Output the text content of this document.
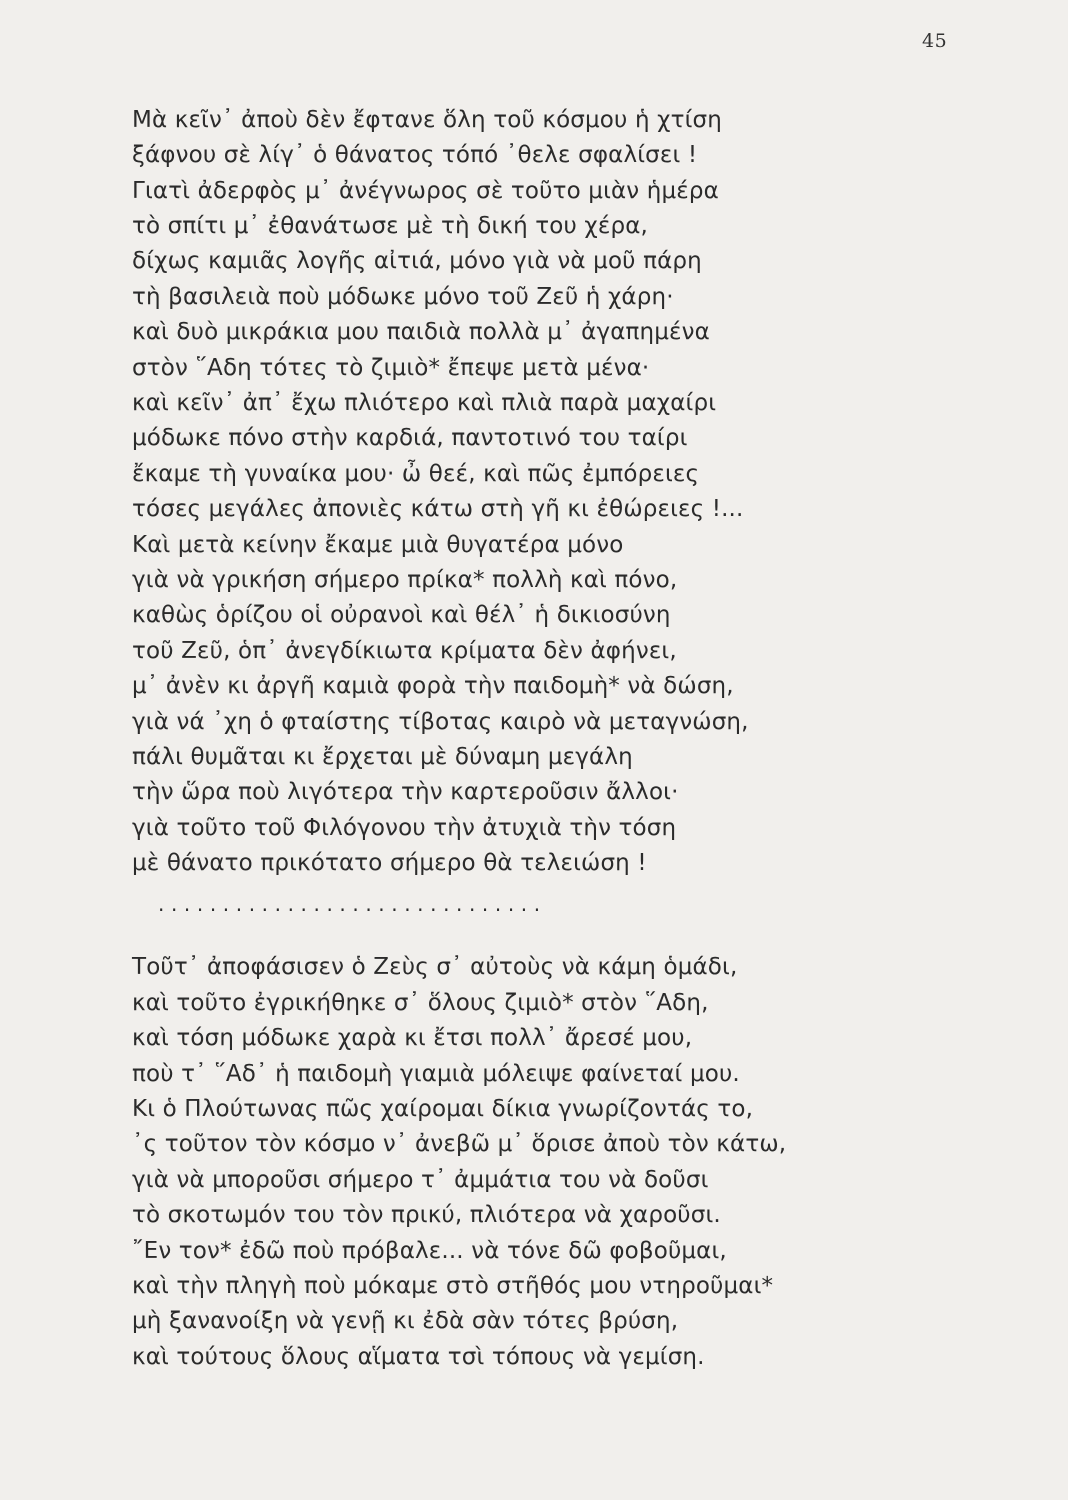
45
Μὰ κεῖν᾿ ἀποὺ δὲν ἔφτανε ὅλη τοῦ κόσμου ἡ χτίση
ξάφνου σὲ λίγ᾿ ὁ θάνατος τόπό ᾿θελε σφαλίσει !
Γιατὶ ἀδερφὸς μ᾿ ἀνέγνωρος σὲ τοῦτο μιὰν ἡμέρα
τὸ σπίτι μ᾿ ἐθανάτωσε μὲ τὴ δική του χέρα,
δίχως καμιᾶς λογῆς αἰτιά, μόνο γιὰ νὰ μοῦ πάρη
τὴ βασιλειὰ ποὺ μόδωκε μόνο τοῦ Ζεῦ ἡ χάρη·
καὶ δυὸ μικράκια μου παιδιὰ πολλὰ μ᾿ ἀγαπημένα
στὸν ῞Αδη τότες τὸ ζιμιὸ* ἔπεψε μετὰ μένα·
καὶ κεῖν᾿ ἀπ᾿ ἔχω πλιότερο καὶ πλιὰ παρὰ μαχαίρι
μόδωκε πόνο στὴν καρδιά, παντοτινό του ταίρι
ἔκαμε τὴ γυναίκα μου· ὦ θεέ, καὶ πῶς ἐμπόρειες
τόσες μεγάλες ἀπονιὲς κάτω στὴ γῆ κι ἐθώρειες !...
Καὶ μετὰ κείνην ἔκαμε μιὰ θυγατέρα μόνο
γιὰ νὰ γρικήση σήμερο πρίκα* πολλὴ καὶ πόνο,
καθὼς ὁρίζου οἱ οὐρανοὶ καὶ θέλ᾿ ἡ δικιοσύνη
τοῦ Ζεῦ, ὁπ᾿ ἀνεγδίκιωτα κρίματα δὲν ἀφήνει,
μ᾿ ἀνὲν κι ἀργῆ καμιὰ φορὰ τὴν παιδομὴ* νὰ δώση,
γιὰ νά ᾿χη ὁ φταίστης τίβοτας καιρὸ νὰ μεταγνώση,
πάλι θυμᾶται κι ἔρχεται μὲ δύναμη μεγάλη
τὴν ὥρα ποὺ λιγότερα τὴν καρτεροῦσιν ἄλλοι·
γιὰ τοῦτο τοῦ Φιλόγονου τὴν ἀτυχιὰ τὴν τόση
μὲ θάνατο πρικότατο σήμερο θὰ τελειώση !
Τοῦτ᾿ ἀποφάσισεν ὁ Ζεὺς σ᾿ αὐτοὺς νὰ κάμη ὁμάδι,
καὶ τοῦτο ἐγρικήθηκε σ᾿ ὅλους ζιμιὸ* στὸν ῞Αδη,
καὶ τόση μόδωκε χαρὰ κι ἔτσι πολλ᾿ ἄρεσέ μου,
ποὺ τ᾿ ῞Αδ᾿ ἡ παιδομὴ γιαμιὰ μόλειψε φαίνεταί μου.
Κι ὁ Πλούτωνας πῶς χαίρομαι δίκια γνωρίζοντάς το,
᾿ς τοῦτον τὸν κόσμο ν᾿ ἀνεβῶ μ᾿ ὅρισε ἀποὺ τὸν κάτω,
γιὰ νὰ μποροῦσι σήμερο τ᾿ ἀμμάτια του νὰ δοῦσι
τὸ σκοτωμόν του τὸν πρικύ, πλιότερα νὰ χαροῦσι.
῎Εν τον* ἐδῶ ποὺ πρόβαλε... νὰ τόνε δῶ φοβοῦμαι,
καὶ τὴν πληγὴ ποὺ μόκαμε στὸ στῆθός μου ντηροῦμαι*
μὴ ξανανοίξη νὰ γενῇ κι ἐδὰ σὰν τότες βρύση,
καὶ τούτους ὅλους αἵματα τσὶ τόπους νὰ γεμίση.
..............................
